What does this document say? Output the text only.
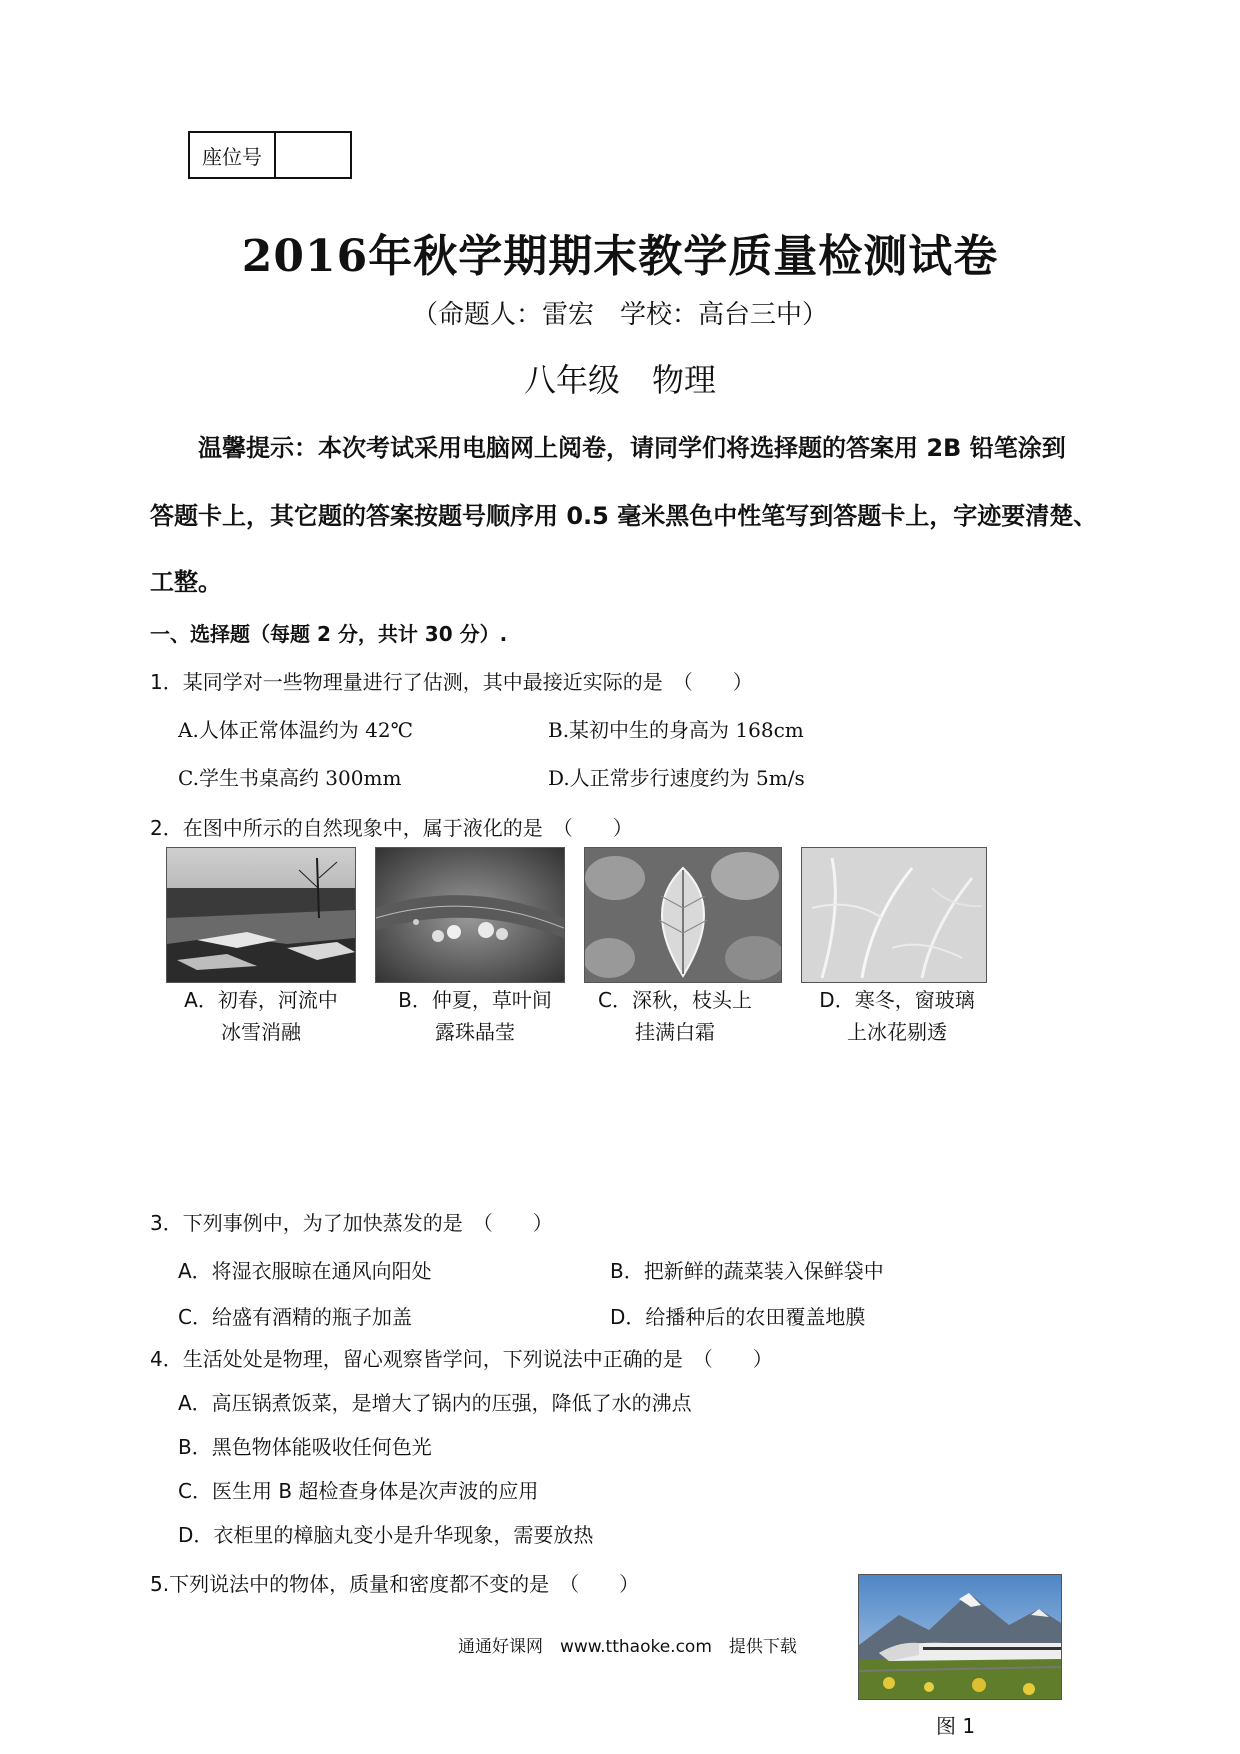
座位号
2016年秋学期期末教学质量检测试卷
（命题人：雷宏　学校：高台三中）
八年级　物理
温馨提示：本次考试采用电脑网上阅卷，请同学们将选择题的答案用 2B 铅笔涂到
答题卡上，其它题的答案按题号顺序用 0.5 毫米黑色中性笔写到答题卡上，字迹要清楚、
工整。
一、选择题（每题 2 分，共计 30 分）.
1．某同学对一些物理量进行了估测，其中最接近实际的是　（　　）
A.人体正常体温约为 42℃	B.某初中生的身高为 168cm
C.学生书桌高约 300mm	D.人正常步行速度约为 5m/s
2．在图中所示的自然现象中，属于液化的是　（　　）
A．初春，河流中
冰雪消融
B．仲夏，草叶间
露珠晶莹
C．深秋，枝头上
挂满白霜
D．寒冬，窗玻璃
上冰花剔透
3．下列事例中，为了加快蒸发的是　（　　）
A．将湿衣服晾在通风向阳处	B．把新鲜的蔬菜装入保鲜袋中
C．给盛有酒精的瓶子加盖	D．给播种后的农田覆盖地膜
4．生活处处是物理，留心观察皆学问，下列说法中正确的是　（　　）
A．高压锅煮饭菜，是增大了锅内的压强，降低了水的沸点
B．黑色物体能吸收任何色光
C．医生用 B 超检查身体是次声波的应用
D．衣柜里的樟脑丸变小是升华现象，需要放热
5.下列说法中的物体，质量和密度都不变的是　（　　）
图 1
通通好课网　www.tthaoke.com　提供下载
